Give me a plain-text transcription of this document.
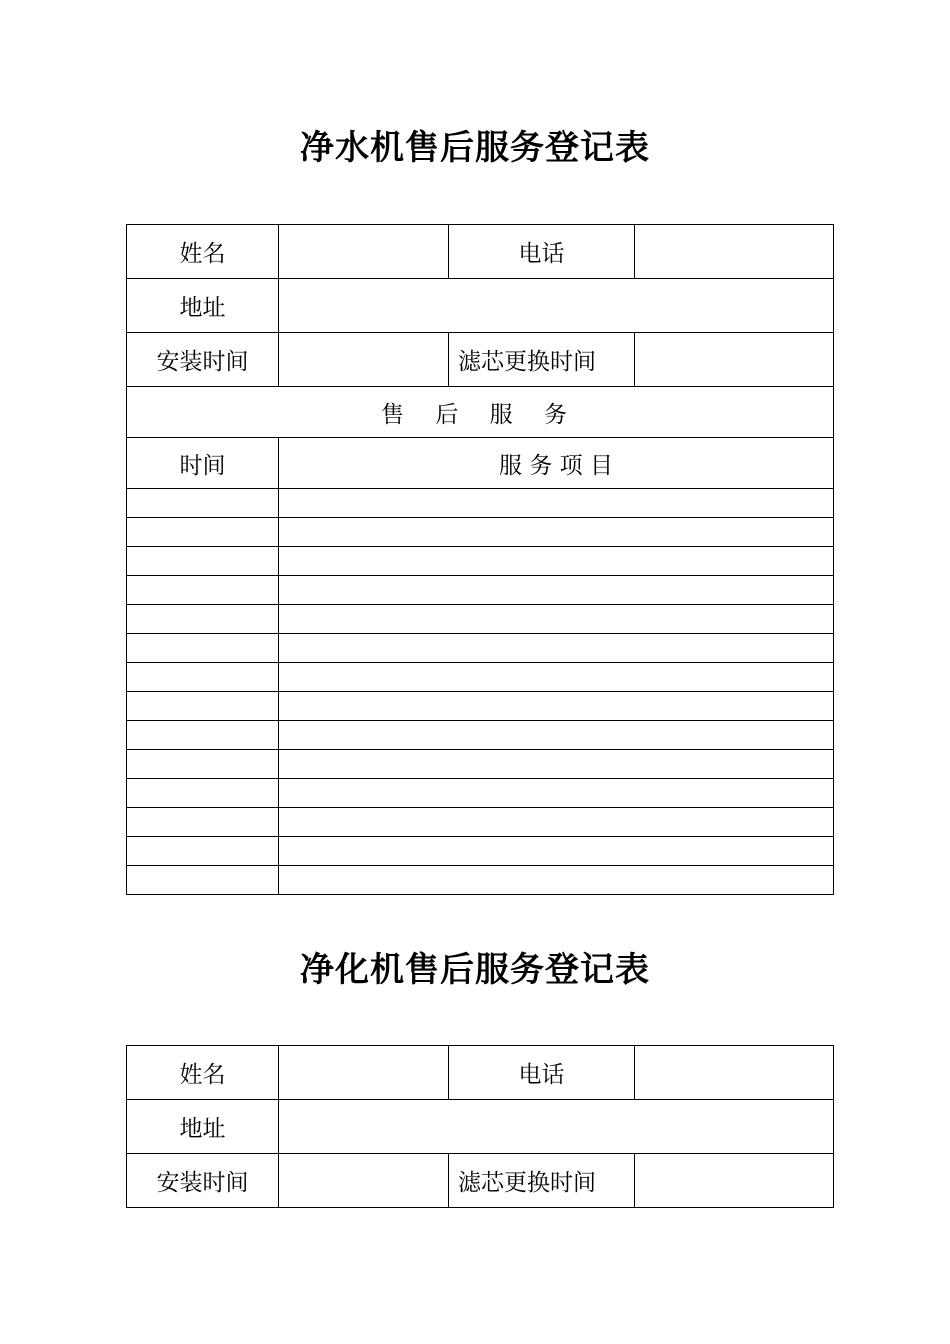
净水机售后服务登记表
姓名		电话	
地址			
安装时间		滤芯更换时间	
售 后 服 务			
时间	服 务 项 目		

净化机售后服务登记表
姓名		电话	
地址			
安装时间		滤芯更换时间	
